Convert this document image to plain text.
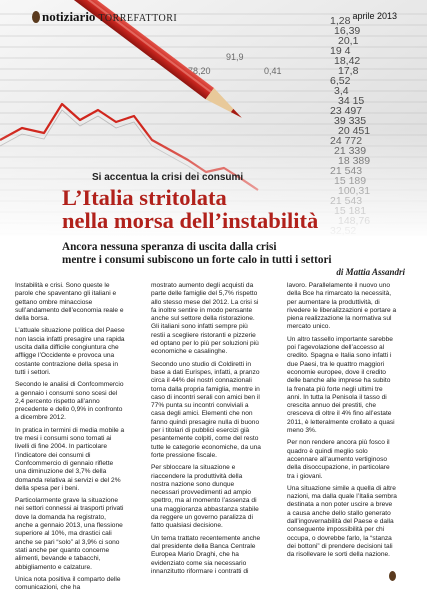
notiziario TORREFATTORI	aprile 2013
Si accentua la crisi dei consumi
L’Italia stritolata
nella morsa dell’instabilità
Ancora nessuna speranza di uscita dalla crisi
mentre i consumi subiscono un forte calo in tutti i settori
di Mattia Assandri

Instabilità e crisi. Sono queste le parole che spaventano gli italiani e gettano ombre minacciose sull’andamento dell’economia reale e della borsa.

L’attuale situazione politica del Paese non lascia infatti presagire una rapida uscita dalla difficile congiuntura che affligge l’Occidente e provoca una costante contrazione della spesa in tutti i settori.

Secondo le analisi di Confcommercio a gennaio i consumi sono scesi del 2,4 percento rispetto all’anno precedente e dello 0,9% in confronto a dicembre 2012.

In pratica in termini di media mobile a tre mesi i consumi sono tornati ai livelli di fine 2004. In particolare l’indicatore dei consumi di Confcommercio di gennaio riflette una diminuzione del 3,7% della domanda relativa ai servizi e del 2% della spesa per i beni.

Particolarmente grave la situazione nei settori connessi ai trasporti privati dove la domanda ha registrato, anche a gennaio 2013, una flessione superiore al 10%, ma drastici cali anche se pari “solo” al 3,9% ci sono stati anche per quanto concerne alimenti, bevande e tabacchi, abbigliamento e calzature.

Unica nota positiva il comparto delle comunicazioni, che ha

mostrato aumento degli acquisti da parte delle famiglie del 5,7% rispetto allo stesso mese del 2012. La crisi si fa inoltre sentire in modo pensante anche sul settore della ristorazione. Gli italiani sono infatti sempre più restii a scegliere ristoranti e pizzerie ed optano per lo più per soluzioni più economiche e casalinghe.

Secondo uno studio di Coldiretti in base a dati Eurispes, infatti, a pranzo circa il 44% dei nostri connazionali torna dalla propria famiglia, mentre in caso di incontri serali con amici ben il 77% punta su incontri conviviali a casa degli amici. Elementi che non fanno quindi presagire nulla di buono per i titolari di pubblici esercizi già pesantemente colpiti, come del resto tutte le categorie economiche, da una forte pressione fiscale.

Per sbloccare la situazione e riaccendere la produttività della nostra nazione sono dunque necessari provvedimenti ad ampio spettro, ma al momento l’assenza di una maggioranza abbastanza stabile da reggere un governo paralizza di fatto qualsiasi decisione.

Un tema trattato recentemente anche dal presidente della Banca Centrale Europea Mario Draghi, che ha evidenziato come sia necessario innanzitutto riformare i contratti di

lavoro. Parallelamente il nuovo uno della Bce ha rimarcato la necessità, per aumentare la produttività, di rivedere le liberalizzazioni e portare a piena realizzazione la normativa sul mercato unico.

Un altro tassello importante sarebbe poi l’agevolazione dell’accesso al credito. Spagna e Italia sono infatti i due Paesi, tra le quattro maggiori economie europee, dove il credito delle banche alle imprese ha subito la frenata più forte negli ultimi tre anni. In tutta la Penisola il tasso di crescita annuo dei prestiti, che cresceva di oltre il 4% fino all’estate 2011, è letteralmente crollato a quasi meno 3%.

Per non rendere ancora più fosco il quadro è quindi meglio solo accennare all’aumento vertiginoso della disoccupazione, in particolare tra i giovani.

Una situazione simile a quella di altre nazioni, ma dalla quale l’Italia sembra destinata a non poter uscire a breve a causa anche dello stallo generato dall’ingovernabilità del Paese e dalla conseguente impossibilità per chi occupa, o dovrebbe farlo, la “stanza dei bottoni” di prendere decisioni tali da risollevare le sorti della nazione.
